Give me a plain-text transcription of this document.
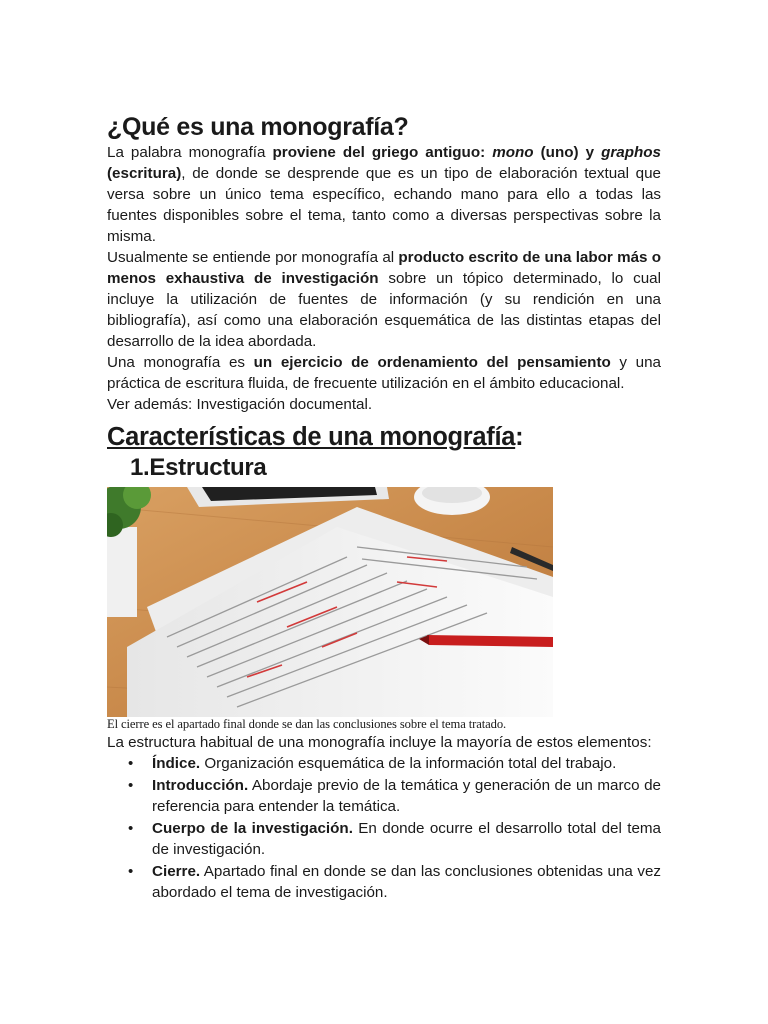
¿Qué es una monografía?

La palabra monografía proviene del griego antiguo: mono (uno) y graphos (escritura), de donde se desprende que es un tipo de elaboración textual que versa sobre un único tema específico, echando mano para ello a todas las fuentes disponibles sobre el tema, tanto como a diversas perspectivas sobre la misma.

Usualmente se entiende por monografía al producto escrito de una labor más o menos exhaustiva de investigación sobre un tópico determinado, lo cual incluye la utilización de fuentes de información (y su rendición en una bibliografía), así como una elaboración esquemática de las distintas etapas del desarrollo de la idea abordada.

Una monografía es un ejercicio de ordenamiento del pensamiento y una práctica de escritura fluida, de frecuente utilización en el ámbito educacional.

Ver además: Investigación documental.

Características de una monografía:
1.Estructura

El cierre es el apartado final donde se dan las conclusiones sobre el tema tratado.

La estructura habitual de una monografía incluye la mayoría de estos elementos:

• Índice. Organización esquemática de la información total del trabajo.
• Introducción. Abordaje previo de la temática y generación de un marco de referencia para entender la temática.
• Cuerpo de la investigación. En donde ocurre el desarrollo total del tema de investigación.
• Cierre. Apartado final en donde se dan las conclusiones obtenidas una vez abordado el tema de investigación.
